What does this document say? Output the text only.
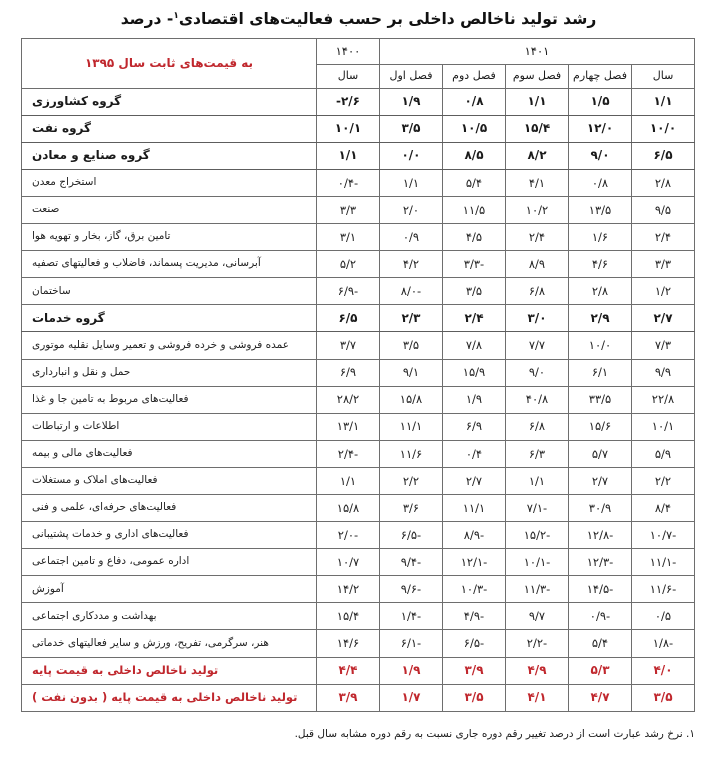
رشد تولید ناخالص داخلی بر حسب فعالیت‌های اقتصادی$^۱$- درصد
۱۴۰۱					۱۴۰۰	به قیمت‌های ثابت سال ۱۳۹۵
سال	فصل چهارم	فصل سوم	فصل دوم	فصل اول	سال	
۱/۱	۱/۵	۱/۱	۰/۸	۱/۹	۲/۶-	گروه کشاورزی
۱۰/۰	۱۲/۰	۱۵/۴	۱۰/۵	۳/۵	۱۰/۱	گروه نفت
۶/۵	۹/۰	۸/۲	۸/۵	۰/۰	۱/۱	گروه صنایع و معادن
۲/۸	۰/۸	۴/۱	۵/۴	۱/۱	-۰/۴	استخراج معدن
۹/۵	۱۳/۵	۱۰/۲	۱۱/۵	۲/۰	۳/۳	صنعت
۲/۴	۱/۶	۲/۴	۴/۵	۰/۹	۳/۱	تامین برق، گاز، بخار و تهویه هوا
۳/۳	۴/۶	۸/۹	-۳/۳	۴/۲	۵/۲	آبرسانی، مدیریت پسماند، فاضلاب و فعالیتهای تصفیه
۱/۲	۲/۸	۶/۸	۳/۵	-۸/۰	-۶/۹	ساختمان
۲/۷	۲/۹	۳/۰	۲/۴	۲/۳	۶/۵	گروه خدمات
۷/۳	۱۰/۰	۷/۷	۷/۸	۳/۵	۳/۷	عمده فروشی و خرده فروشی و تعمیر وسایل نقلیه موتوری
۹/۹	۶/۱	۹/۰	۱۵/۹	۹/۱	۶/۹	حمل و نقل و انبارداری
۲۲/۸	۳۳/۵	۴۰/۸	۱/۹	۱۵/۸	۲۸/۲	فعالیت‌های مربوط به تامین جا و غذا
۱۰/۱	۱۵/۶	۶/۸	۶/۹	۱۱/۱	۱۳/۱	اطلاعات و ارتباطات
۵/۹	۵/۷	۶/۳	۰/۴	۱۱/۶	-۲/۴	فعالیت‌های مالی و بیمه
۲/۲	۲/۷	۱/۱	۲/۷	۲/۲	۱/۱	فعالیت‌های املاک و مستغلات
۸/۴	۳۰/۹	-۷/۱	۱۱/۱	۳/۶	۱۵/۸	فعالیت‌های حرفه‌ای، علمی و فنی
-۱۰/۷	-۱۲/۸	-۱۵/۲	-۸/۹	-۶/۵	-۲/۰	فعالیت‌های اداری و خدمات پشتیبانی
-۱۱/۱	-۱۲/۳	-۱۰/۱	-۱۲/۱	-۹/۴	۱۰/۷	اداره عمومی، دفاع و تامین اجتماعی
-۱۱/۶	-۱۴/۵	-۱۱/۳	-۱۰/۳	-۹/۶	۱۴/۲	آموزش
۰/۵	-۰/۹	۹/۷	-۴/۹	-۱/۴	۱۵/۴	بهداشت و مددکاری اجتماعی
-۱/۸	۵/۴	-۲/۲	-۶/۵	-۶/۱	۱۴/۶	هنر، سرگرمی، تفریح، ورزش و سایر فعالیتهای خدماتی
۴/۰	۵/۳	۴/۹	۳/۹	۱/۹	۴/۴	تولید ناخالص داخلی به قیمت پایه
۳/۵	۴/۷	۴/۱	۳/۵	۱/۷	۳/۹	تولید ناخالص داخلی به قیمت پایه ( بدون نفت )
۱. نرخ رشد عبارت است از درصد تغییر رقم دوره جاری نسبت به رقم دوره مشابه سال قبل.
